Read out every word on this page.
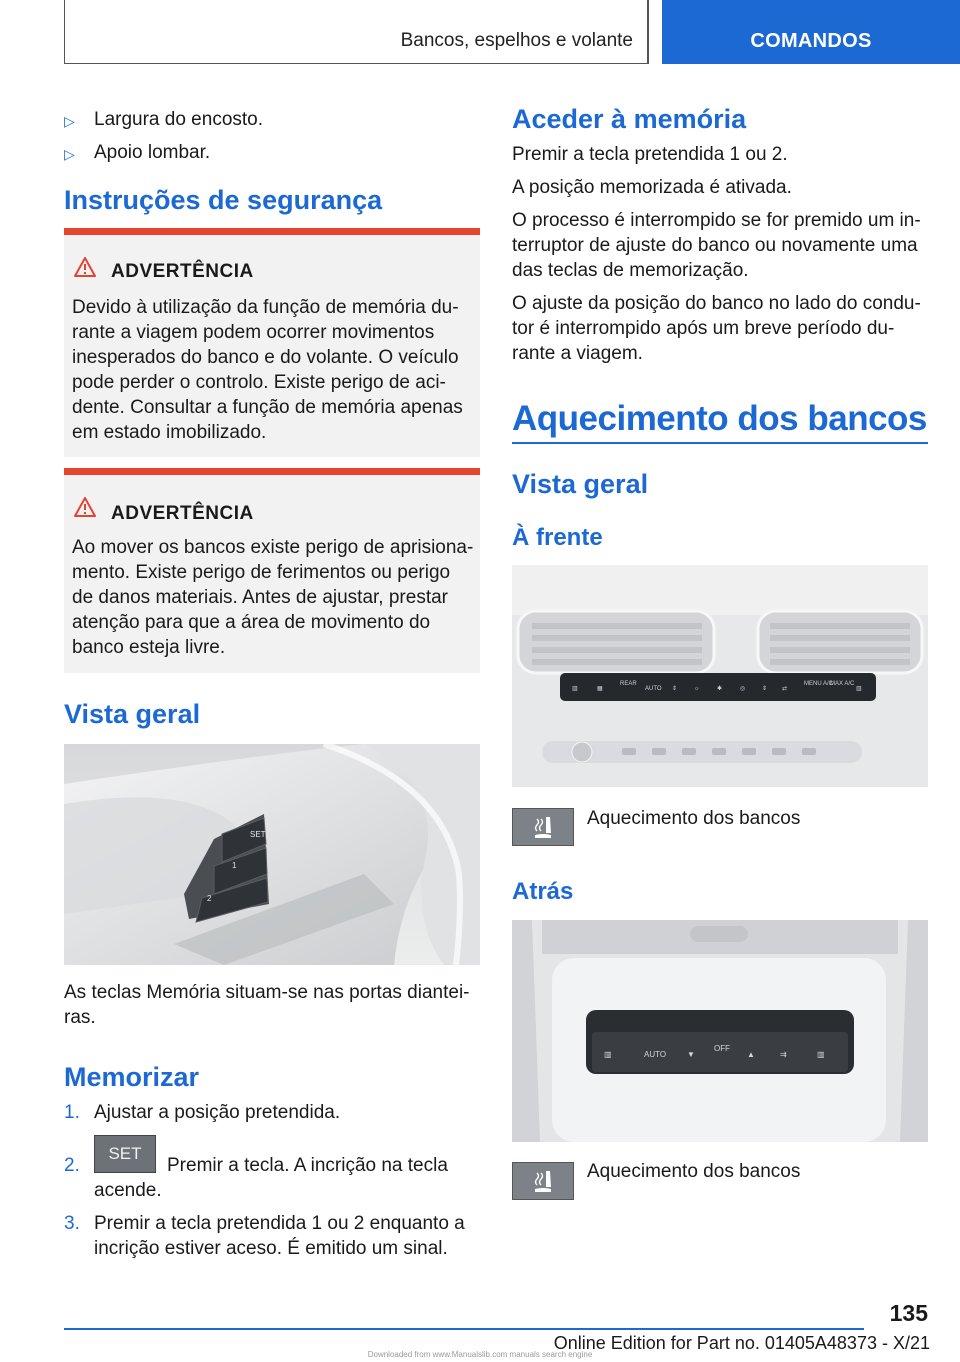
Bancos, espelhos e volante	COMANDOS
▷ Largura do encosto.
▷ Apoio lombar.
Instruções de segurança
ADVERTÊNCIA
Devido à utilização da função de memória du-
rante a viagem podem ocorrer movimentos
inesperados do banco e do volante. O veículo
pode perder o controlo. Existe perigo de aci-
dente. Consultar a função de memória apenas
em estado imobilizado.
ADVERTÊNCIA
Ao mover os bancos existe perigo de aprisiona-
mento. Existe perigo de ferimentos ou perigo
de danos materiais. Antes de ajustar, prestar
atenção para que a área de movimento do
banco esteja livre.
Vista geral
SET
1
2
As teclas Memória situam-se nas portas diantei-
ras.
Memorizar
1. Ajustar a posição pretendida.
SET
2.	Premir a tecla. A incrição na tecla
acende.
3. Premir a tecla pretendida 1 ou 2 enquanto a
incrição estiver aceso. É emitido um sinal.
Aceder à memória
Premir a tecla pretendida 1 ou 2.
A posição memorizada é ativada.
O processo é interrompido se for premido um in-
terruptor de ajuste do banco ou novamente uma
das teclas de memorização.
O ajuste da posição do banco no lado do condu-
tor é interrompido após um breve período du-
rante a viagem.
Aquecimento dos bancos
Vista geral
À frente
▥	▦
REAR
AUTO ⇕	☼	✱	◎	⇕ ⇄
MENU A/C
MAX A/C
▥
Aquecimento dos bancos
Atrás
▥	AUTO	▼
OFF
▲	⇉	▥
Aquecimento dos bancos
135
Online Edition for Part no. 01405A48373 - X/21
Downloaded from www.Manualslib.com manuals search engine
